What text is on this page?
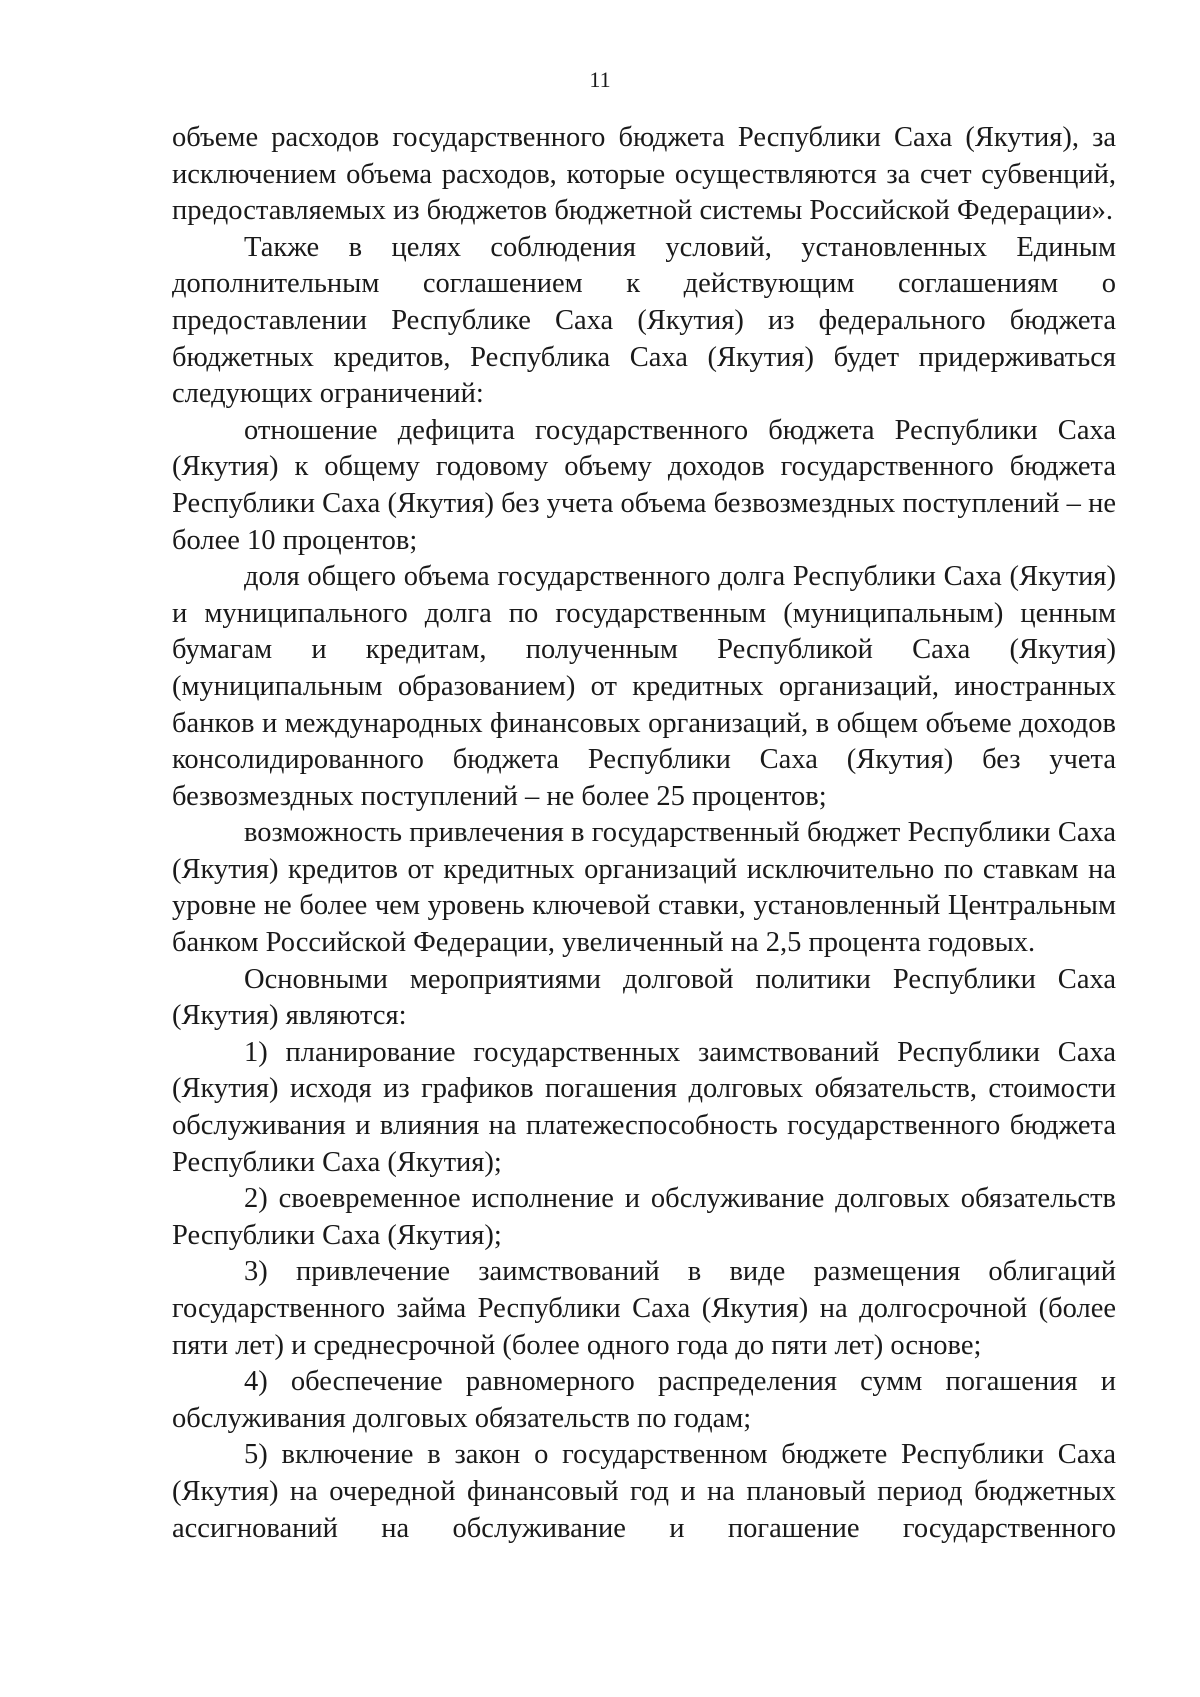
11

объеме расходов государственного бюджета Республики Саха (Якутия), за исключением объема расходов, которые осуществляются за счет субвенций, предоставляемых из бюджетов бюджетной системы Российской Федерации».

Также в целях соблюдения условий, установленных Единым дополнительным соглашением к действующим соглашениям о предоставлении Республике Саха (Якутия) из федерального бюджета бюджетных кредитов, Республика Саха (Якутия) будет придерживаться следующих ограничений:

отношение дефицита государственного бюджета Республики Саха (Якутия) к общему годовому объему доходов государственного бюджета Республики Саха (Якутия) без учета объема безвозмездных поступлений – не более 10 процентов;

доля общего объема государственного долга Республики Саха (Якутия) и муниципального долга по государственным (муниципальным) ценным бумагам и кредитам, полученным Республикой Саха (Якутия) (муниципальным образованием) от кредитных организаций, иностранных банков и международных финансовых организаций, в общем объеме доходов консолидированного бюджета Республики Саха (Якутия) без учета безвозмездных поступлений – не более 25 процентов;

возможность привлечения в государственный бюджет Республики Саха (Якутия) кредитов от кредитных организаций исключительно по ставкам на уровне не более чем уровень ключевой ставки, установленный Центральным банком Российской Федерации, увеличенный на 2,5 процента годовых.

Основными мероприятиями долговой политики Республики Саха (Якутия) являются:

1) планирование государственных заимствований Республики Саха (Якутия) исходя из графиков погашения долговых обязательств, стоимости обслуживания и влияния на платежеспособность государственного бюджета Республики Саха (Якутия);

2) своевременное исполнение и обслуживание долговых обязательств Республики Саха (Якутия);

3) привлечение заимствований в виде размещения облигаций государственного займа Республики Саха (Якутия) на долгосрочной (более пяти лет) и среднесрочной (более одного года до пяти лет) основе;

4) обеспечение равномерного распределения сумм погашения и обслуживания долговых обязательств по годам;

5) включение в закон о государственном бюджете Республики Саха (Якутия) на очередной финансовый год и на плановый период бюджетных ассигнований на обслуживание и погашение государственного
